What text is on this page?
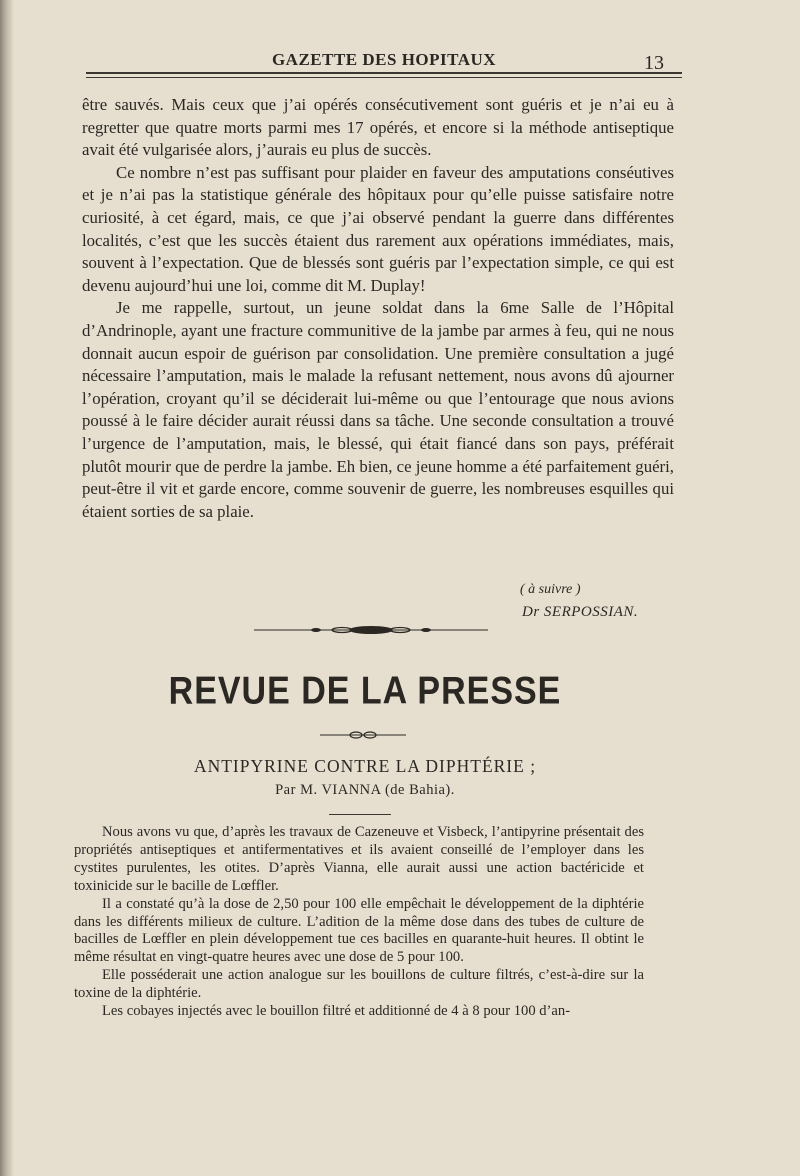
GAZETTE DES HOPITAUX	13

être sauvés. Mais ceux que j’ai opérés consécutivement sont guéris et je n’ai eu à regretter que quatre morts parmi mes 17 opérés, et encore si la méthode antiseptique avait été vulgarisée alors, j’aurais eu plus de succès.

Ce nombre n’est pas suffisant pour plaider en faveur des amputations conséutives et je n’ai pas la statistique générale des hôpitaux pour qu’elle puisse satisfaire notre curiosité, à cet égard, mais, ce que j’ai observé pendant la guerre dans différentes localités, c’est que les succès étaient dus rarement aux opérations immédiates, mais, souvent à l’expectation. Que de blessés sont guéris par l’expectation simple, ce qui est devenu aujourd’hui une loi, comme dit M. Duplay!

Je me rappelle, surtout, un jeune soldat dans la 6me Salle de l’Hôpital d’Andrinople, ayant une fracture communitive de la jambe par armes à feu, qui ne nous donnait aucun espoir de guérison par consolidation. Une première consultation a jugé nécessaire l’amputation, mais le malade la refusant nettement, nous avons dû ajourner l’opération, croyant qu’il se déciderait lui-même ou que l’entourage que nous avions poussé à le faire décider aurait réussi dans sa tâche. Une seconde consultation a trouvé l’urgence de l’amputation, mais, le blessé, qui était fiancé dans son pays, préférait plutôt mourir que de perdre la jambe. Eh bien, ce jeune homme a été parfaitement guéri, peut-être il vit et garde encore, comme souvenir de guerre, les nombreuses esquilles qui étaient sorties de sa plaie.

( à suivre )
Dr SERPOSSIAN.
REVUE DE LA PRESSE
ANTIPYRINE CONTRE LA DIPHTÉRIE ;
Par M. VIANNA (de Bahia).

Nous avons vu que, d’après les travaux de Cazeneuve et Visbeck, l’antipyrine présentait des propriétés antiseptiques et antifermentatives et ils avaient conseillé de l’employer dans les cystites purulentes, les otites. D’après Vianna, elle aurait aussi une action bactéricide et toxinicide sur le bacille de Lœffler.

Il a constaté qu’à la dose de 2,50 pour 100 elle empêchait le développement de la diphtérie dans les différents milieux de culture. L’adition de la même dose dans des tubes de culture de bacilles de Lœffler en plein développement tue ces bacilles en quarante-huit heures. Il obtint le même résultat en vingt-quatre heures avec une dose de 5 pour 100.

Elle posséderait une action analogue sur les bouillons de culture filtrés, c’est-à-dire sur la toxine de la diphtérie.

Les cobayes injectés avec le bouillon filtré et additionné de 4 à 8 pour 100 d’an-
